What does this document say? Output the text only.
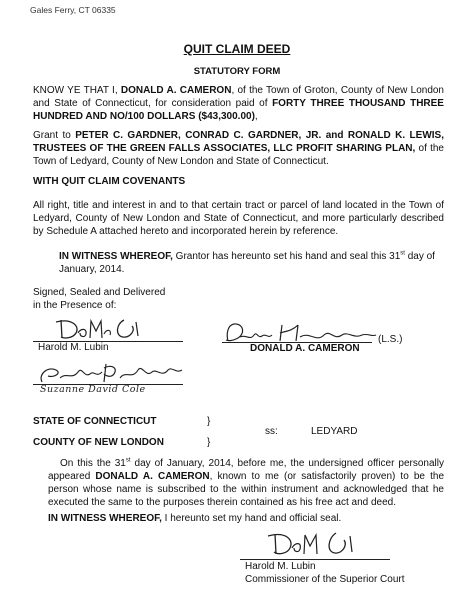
Gales Ferry, CT 06335
QUIT CLAIM DEED
STATUTORY FORM
KNOW YE THAT I, DONALD A. CAMERON, of the Town of Groton, County of New London and State of Connecticut, for consideration paid of FORTY THREE THOUSAND THREE HUNDRED AND NO/100 DOLLARS ($43,300.00),
Grant to PETER C. GARDNER, CONRAD C. GARDNER, JR. and RONALD K. LEWIS, TRUSTEES OF THE GREEN FALLS ASSOCIATES, LLC PROFIT SHARING PLAN, of the Town of Ledyard, County of New London and State of Connecticut.
WITH QUIT CLAIM COVENANTS
All right, title and interest in and to that certain tract or parcel of land located in the Town of Ledyard, County of New London and State of Connecticut, and more particularly described by Schedule A attached hereto and incorporated herein by reference.
IN WITNESS WHEREOF, Grantor has hereunto set his hand and seal this 31st day of January, 2014.
Signed, Sealed and Delivered
in the Presence of:
Harold M. Lubin	DONALD A. CAMERON
(L.S.)
Suzanne David Cole
STATE OF CONNECTICUT	}
ss:	LEDYARD
COUNTY OF NEW LONDON	}
On this the 31st day of January, 2014, before me, the undersigned officer personally appeared DONALD A. CAMERON, known to me (or satisfactorily proven) to be the person whose name is subscribed to the within instrument and acknowledged that he executed the same to the purposes therein contained as his free act and deed.
IN WITNESS WHEREOF, I hereunto set my hand and official seal.
Harold M. Lubin
Commissioner of the Superior Court
